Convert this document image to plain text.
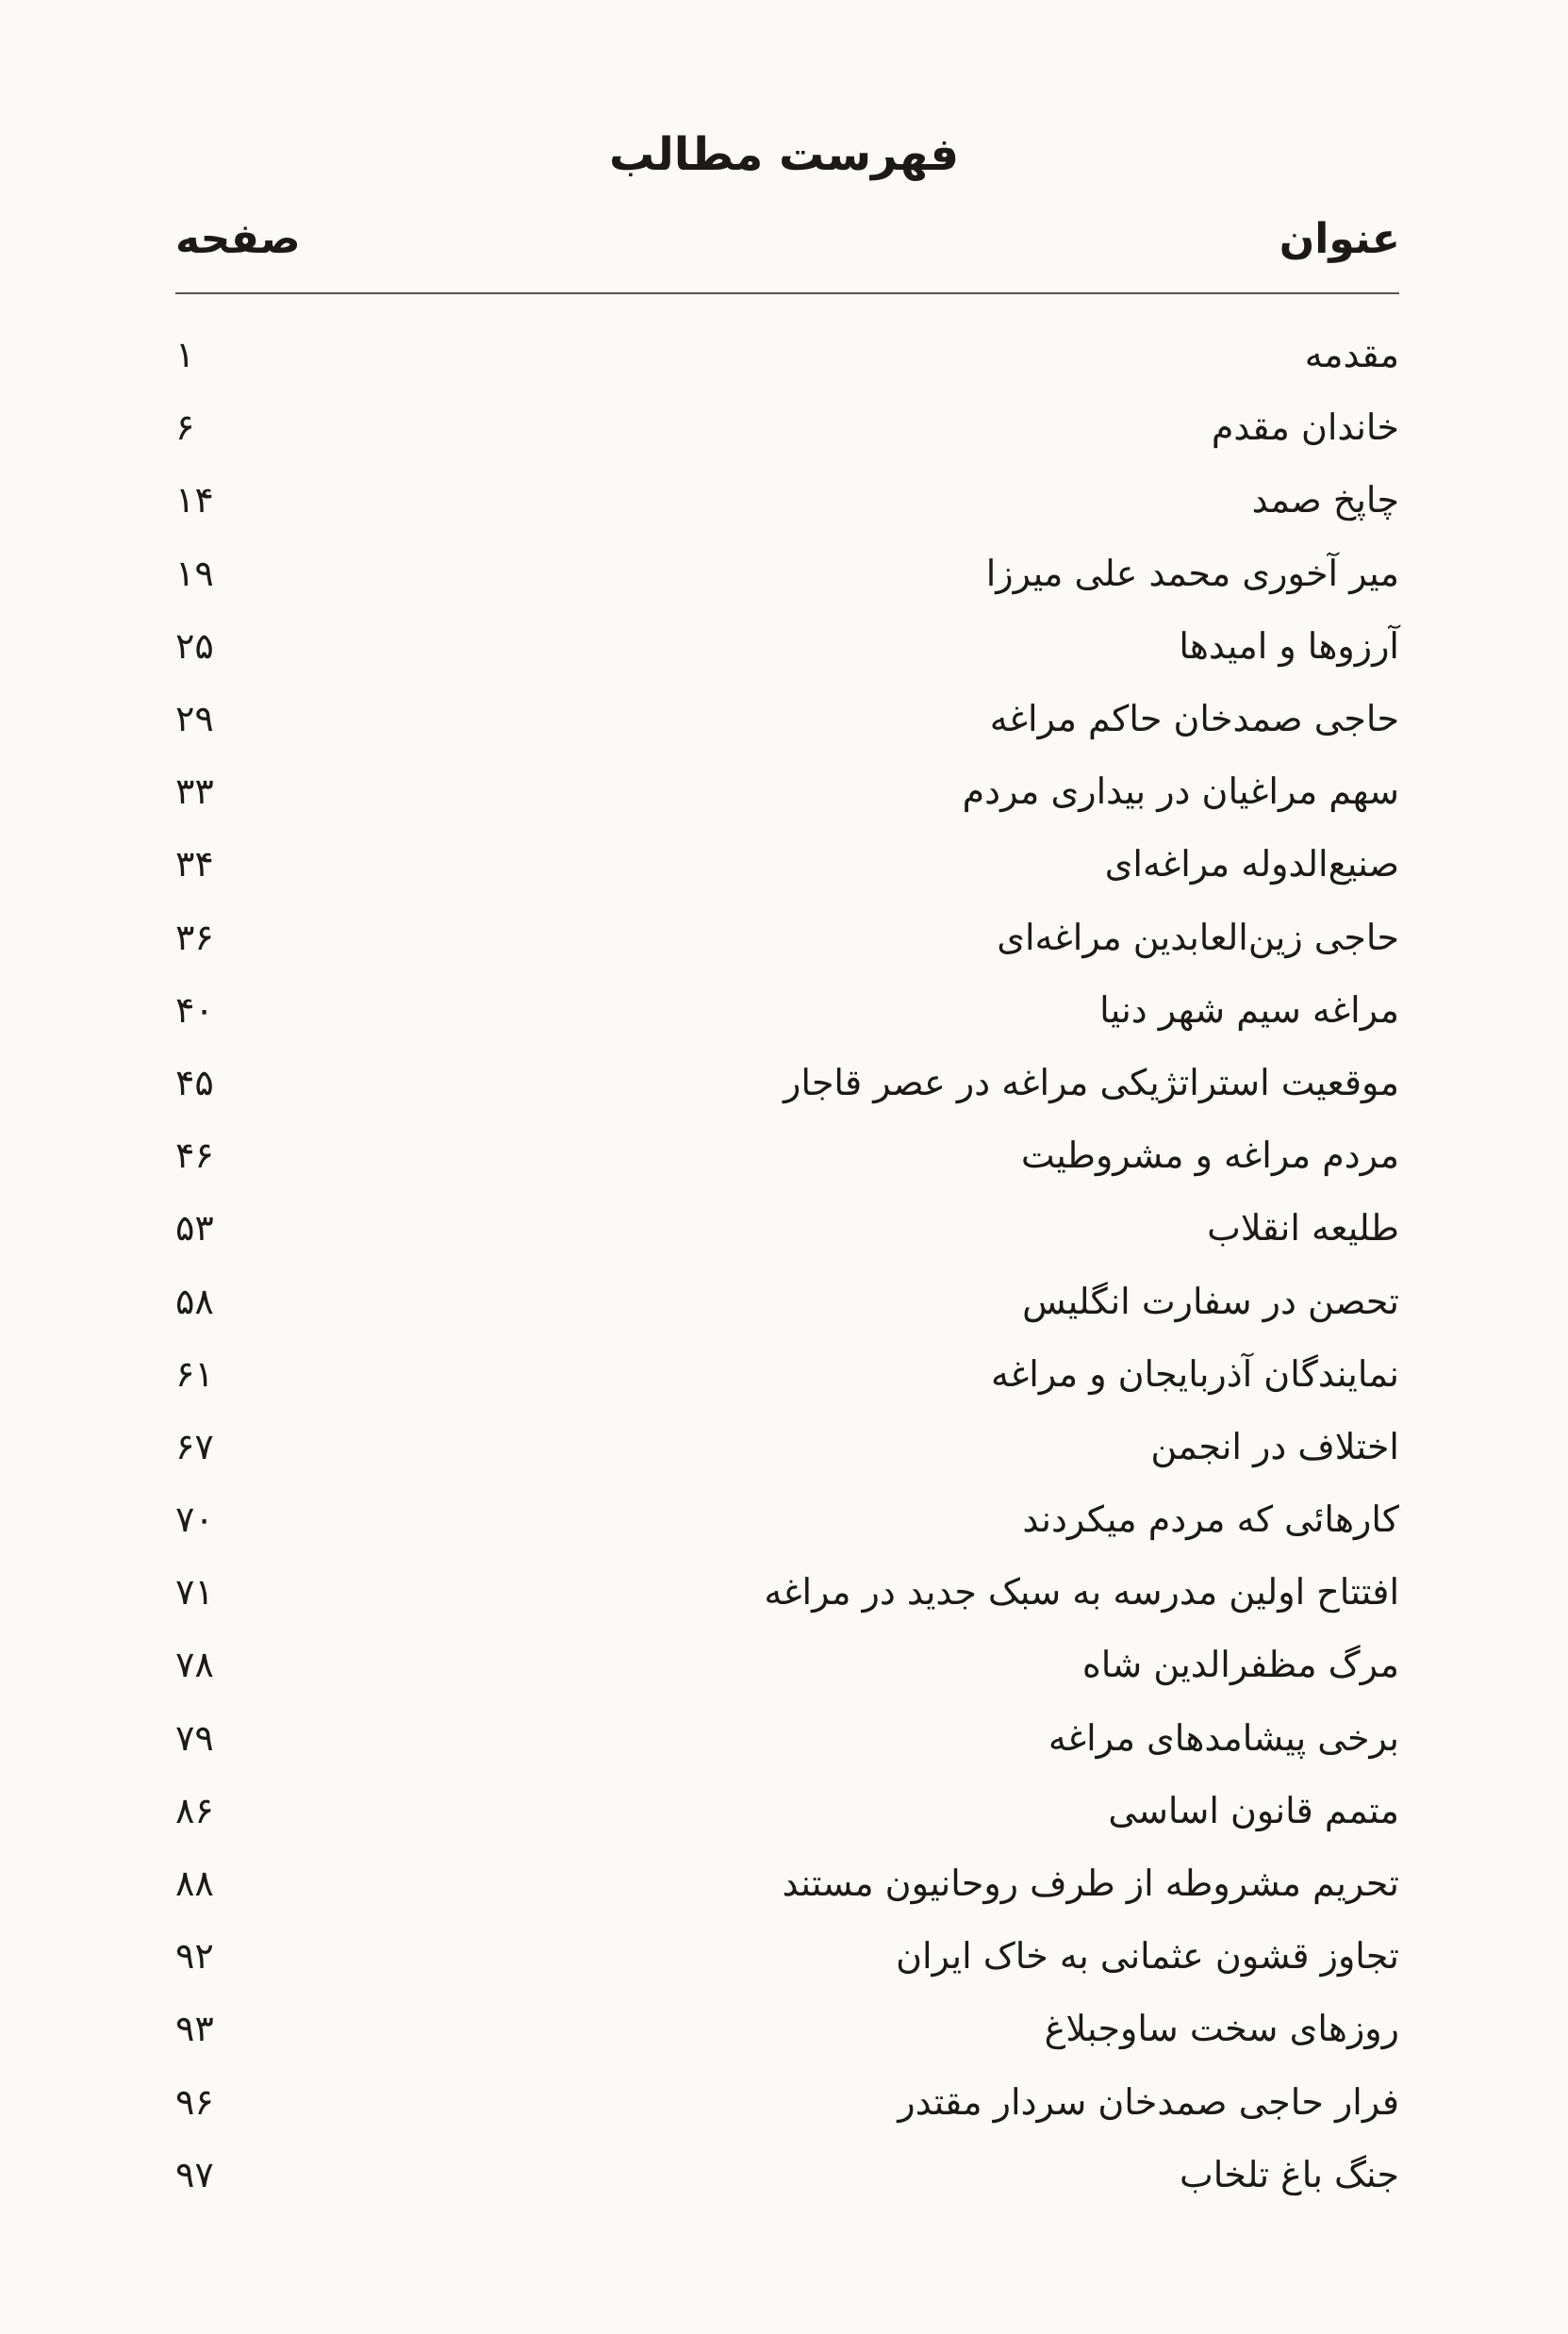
فهرست مطالب
عنوان
صفحه
مقدمه
۱
خاندان مقدم
۶
چاپخ صمد
۱۴
میر آخوری محمد علی میرزا
۱۹
آرزوها و امیدها
۲۵
حاجی صمدخان حاکم مراغه
۲۹
سهم مراغیان در بیداری مردم
۳۳
صنیع‌الدوله مراغه‌ای
۳۴
حاجی زین‌العابدین مراغه‌ای
۳۶
مراغه سیم شهر دنیا
۴۰
موقعیت استراتژیکی مراغه در عصر قاجار
۴۵
مردم مراغه و مشروطیت
۴۶
طلیعه انقلاب
۵۳
تحصن در سفارت انگلیس
۵۸
نمایندگان آذربایجان و مراغه
۶۱
اختلاف در انجمن
۶۷
کارهائی که مردم میکردند
۷۰
افتتاح اولین مدرسه به سبک جدید در مراغه
۷۱
مرگ مظفرالدین شاه
۷۸
برخی پیشامدهای مراغه
۷۹
متمم قانون اساسی
۸۶
تحریم مشروطه از طرف روحانیون مستند
۸۸
تجاوز قشون عثمانی به خاک ایران
۹۲
روزهای سخت ساوجبلاغ
۹۳
فرار حاجی صمدخان سردار مقتدر
۹۶
جنگ باغ تلخاب
۹۷
